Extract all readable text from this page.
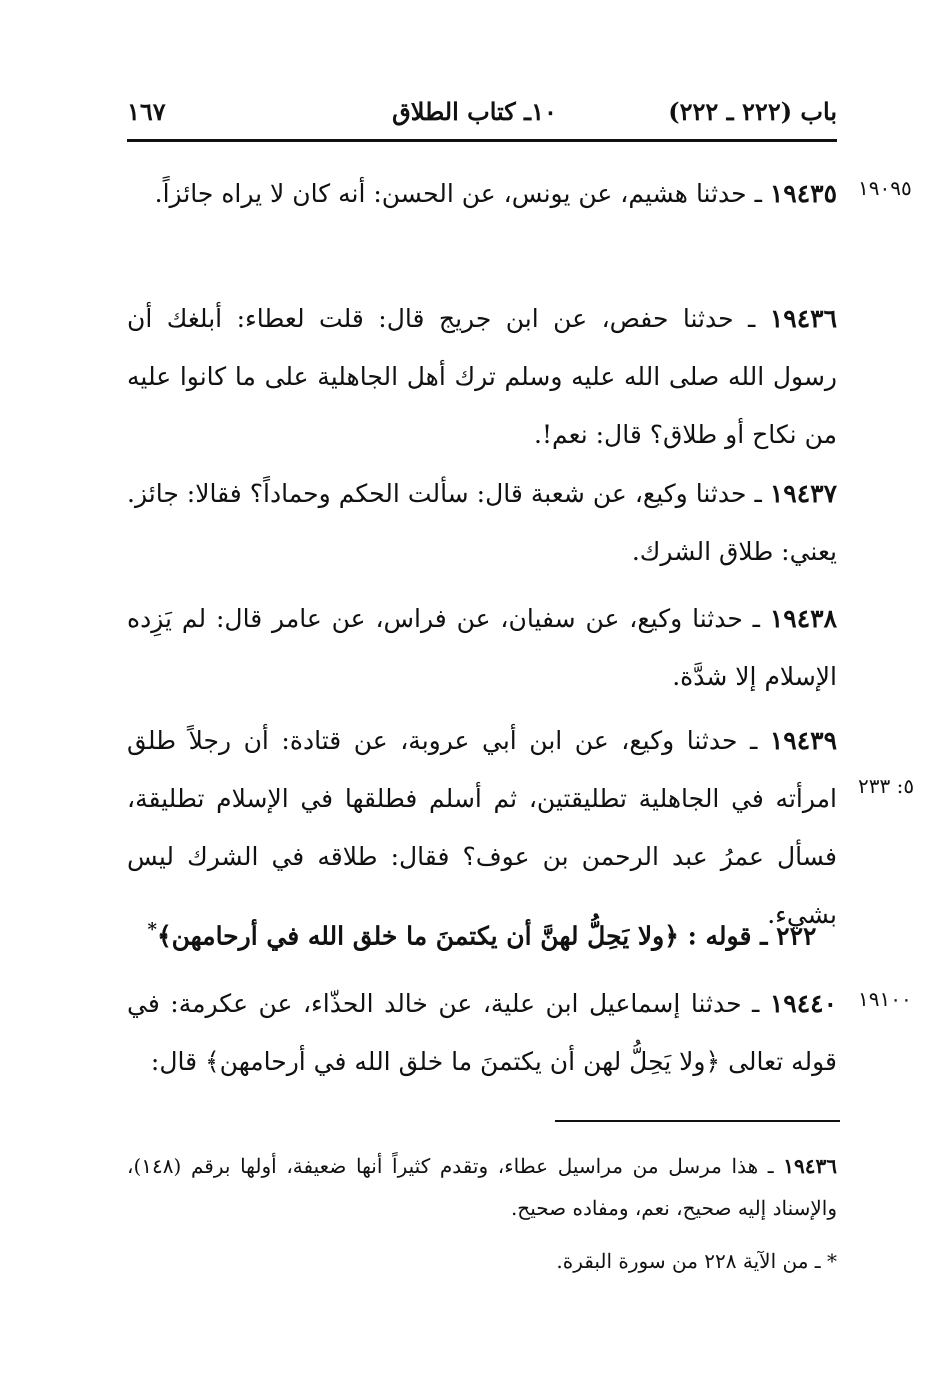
باب (٢٢٢ ـ ٢٢٢)
١٠ـ كتاب الطلاق
١٦٧
١٩٠٩٥
٥: ٢٣٣
١٩١٠٠
١٩٤٣٥ ـ حدثنا هشيم، عن يونس، عن الحسن: أنه كان لا يراه جائزاً.
١٩٤٣٦ ـ حدثنا حفص، عن ابن جريج قال: قلت لعطاء: أبلغك أن رسول الله صلى الله عليه وسلم ترك أهل الجاهلية على ما كانوا عليه من نكاح أو طلاق؟ قال: نعم!.
١٩٤٣٧ ـ حدثنا وكيع، عن شعبة قال: سألت الحكم وحماداً؟ فقالا: جائز. يعني: طلاق الشرك.
١٩٤٣٨ ـ حدثنا وكيع، عن سفيان، عن فراس، عن عامر قال: لم يَزِده الإسلام إلا شدَّة.
١٩٤٣٩ ـ حدثنا وكيع، عن ابن أبي عروبة، عن قتادة: أن رجلاً طلق امرأته في الجاهلية تطليقتين، ثم أسلم فطلقها في الإسلام تطليقة، فسأل عمرُ عبد الرحمن بن عوف؟ فقال: طلاقه في الشرك ليس بشيء.
٢٢٢ ـ قوله : ﴿ولا يَحِلُّ لهنَّ أن يكتمنَ ما خلق الله في أرحامهن﴾*
١٩٤٤٠ ـ حدثنا إسماعيل ابن علية، عن خالد الحذّاء، عن عكرمة: في قوله تعالى ﴿ولا يَحِلُّ لهن أن يكتمنَ ما خلق الله في أرحامهن﴾ قال:
١٩٤٣٦ ـ هذا مرسل من مراسيل عطاء، وتقدم كثيراً أنها ضعيفة، أولها برقم (١٤٨)، والإسناد إليه صحيح، نعم، ومفاده صحيح.
* ـ من الآية ٢٢٨ من سورة البقرة.
